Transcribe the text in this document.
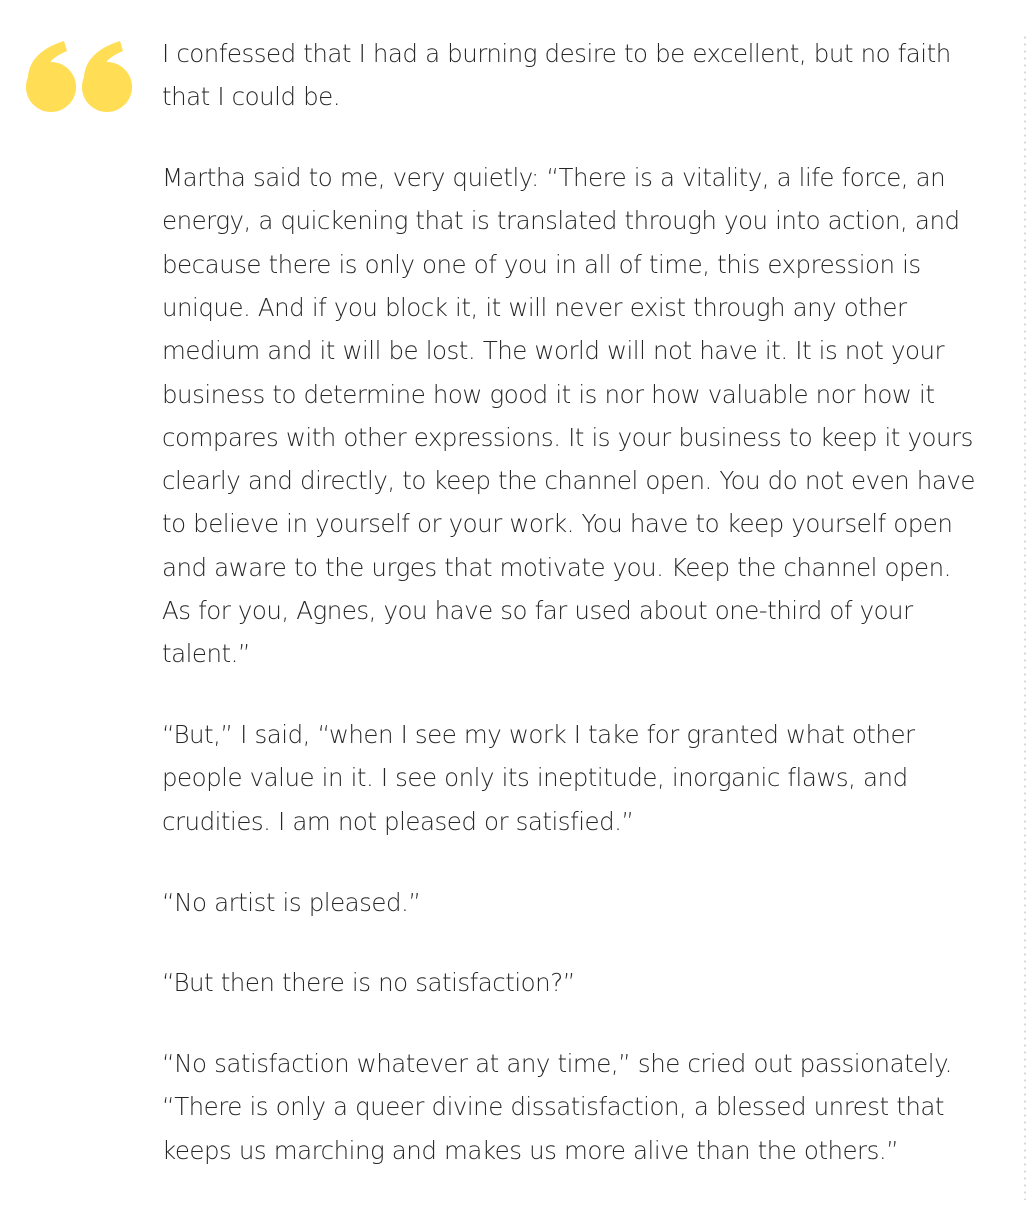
I confessed that I had a burning desire to be excellent, but no faith that I could be.

Martha said to me, very quietly: “There is a vitality, a life force, an energy, a quickening that is translated through you into action, and because there is only one of you in all of time, this expression is unique. And if you block it, it will never exist through any other medium and it will be lost. The world will not have it. It is not your business to determine how good it is nor how valuable nor how it compares with other expressions. It is your business to keep it yours clearly and directly, to keep the channel open. You do not even have to believe in yourself or your work. You have to keep yourself open and aware to the urges that motivate you. Keep the channel open. As for you, Agnes, you have so far used about one-third of your talent.”

“But,” I said, “when I see my work I take for granted what other people value in it. I see only its ineptitude, inorganic flaws, and crudities. I am not pleased or satisfied.”

“No artist is pleased.”

“But then there is no satisfaction?”

“No satisfaction whatever at any time,” she cried out passionately. “There is only a queer divine dissatisfaction, a blessed unrest that keeps us marching and makes us more alive than the others.”
